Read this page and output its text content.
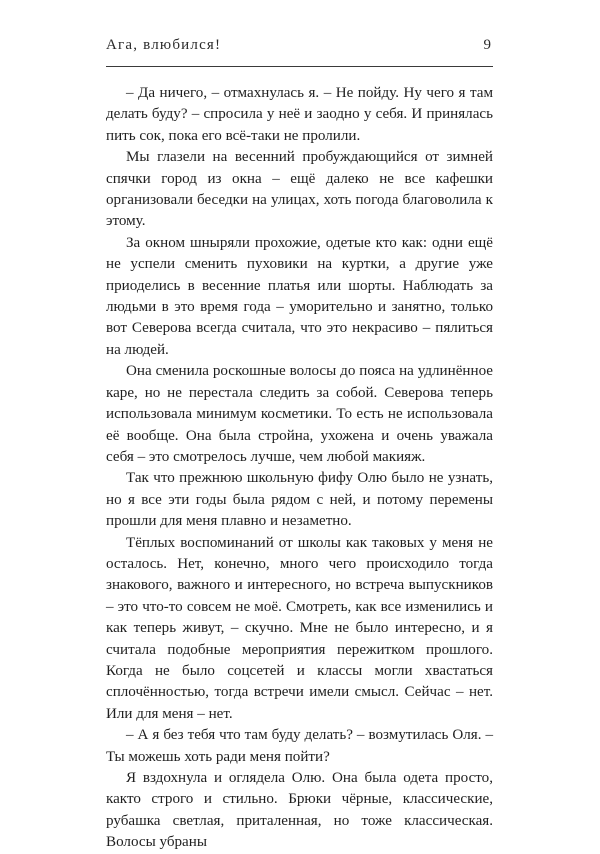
Ага, влюбился!	9

– Да ничего, – отмахнулась я. – Не пойду. Ну чего я там делать буду? – спросила у неё и заодно у себя. И принялась пить сок, пока его всё-таки не пролили.

Мы глазели на весенний пробуждающийся от зимней спячки город из окна – ещё далеко не все кафешки организовали беседки на улицах, хоть погода благоволила к этому.

За окном шныряли прохожие, одетые кто как: одни ещё не успели сменить пуховики на куртки, а другие уже приоделись в весенние платья или шорты. Наблюдать за людьми в это время года – уморительно и занятно, только вот Северова всегда считала, что это некрасиво – пялиться на людей.

Она сменила роскошные волосы до пояса на удлинённое каре, но не перестала следить за собой. Северова теперь использовала минимум косметики. То есть не использовала её вообще. Она была стройна, ухожена и очень уважала себя – это смотрелось лучше, чем любой макияж.

Так что прежнюю школьную фифу Олю было не узнать, но я все эти годы была рядом с ней, и потому перемены прошли для меня плавно и незаметно.

Тёплых воспоминаний от школы как таковых у меня не осталось. Нет, конечно, много чего происходило тогда знакового, важного и интересного, но встреча выпускников – это что-то совсем не моё. Смотреть, как все изменились и как теперь живут, – скучно. Мне не было интересно, и я считала подобные мероприятия пережитком прошлого. Когда не было соцсетей и классы могли хвастаться сплочённостью, тогда встречи имели смысл. Сейчас – нет. Или для меня – нет.

– А я без тебя что там буду делать? – возмутилась Оля. – Ты можешь хоть ради меня пойти?

Я вздохнула и оглядела Олю. Она была одета просто, както строго и стильно. Брюки чёрные, классические, рубашка светлая, приталенная, но тоже классическая. Волосы убраны
